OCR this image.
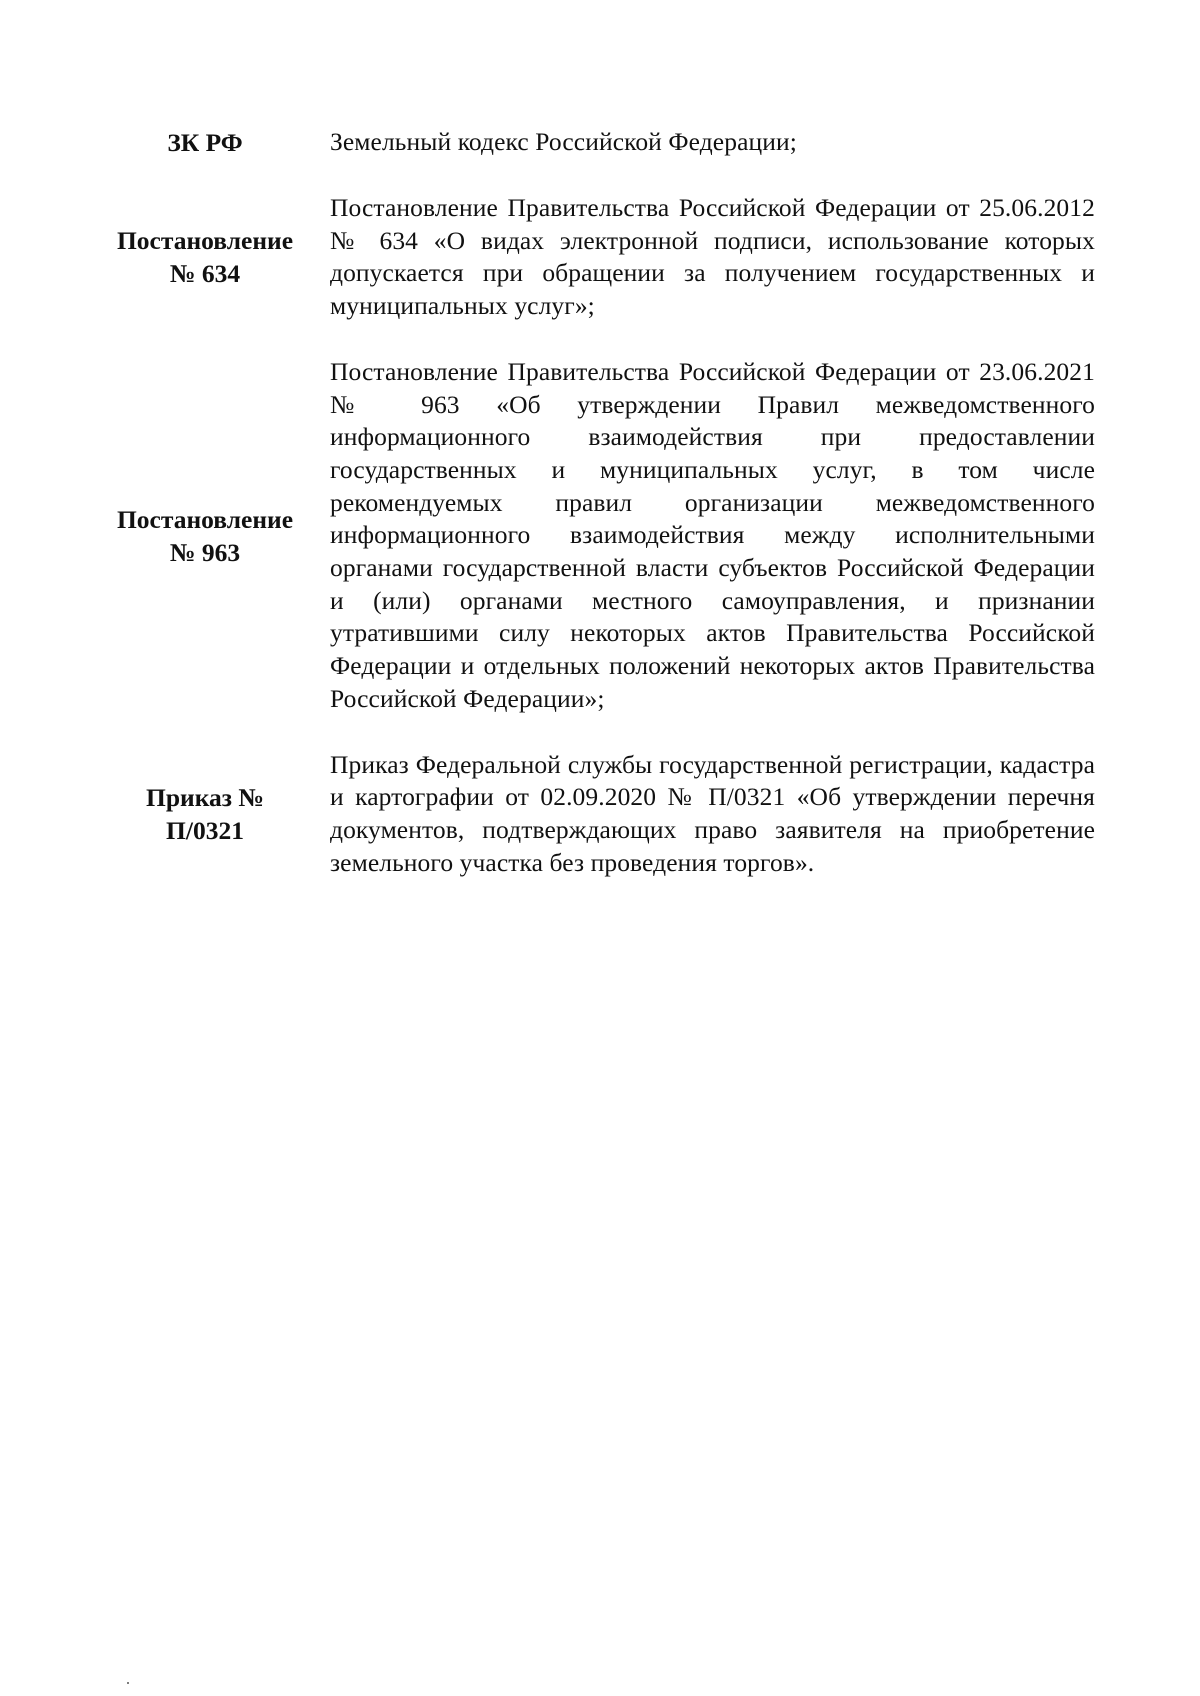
ЗК РФ	Земельный кодекс Российской Федерации;
Постановление
№ 634
Постановление Правительства Российской Федерации от 25.06.2012 № 634 «О видах электронной подписи, использование которых допускается при обращении за получением государственных и муниципальных услуг»;
Постановление
№ 963
Постановление Правительства Российской Федерации от 23.06.2021 № 963 «Об утверждении Правил межведомственного информационного взаимодействия при предоставлении государственных и муниципальных услуг, в том числе рекомендуемых правил организации межведомственного информационного взаимодействия между исполнительными органами государственной власти субъектов Российской Федерации и (или) органами местного самоуправления, и признании утратившими силу некоторых актов Правительства Российской Федерации и отдельных положений некоторых актов Правительства Российской Федерации»;
Приказ №
П/0321
Приказ Федеральной службы государственной регистрации, кадастра и картографии от 02.09.2020 № П/0321 «Об утверждении перечня документов, подтверждающих право заявителя на приобретение земельного участка без проведения торгов».
